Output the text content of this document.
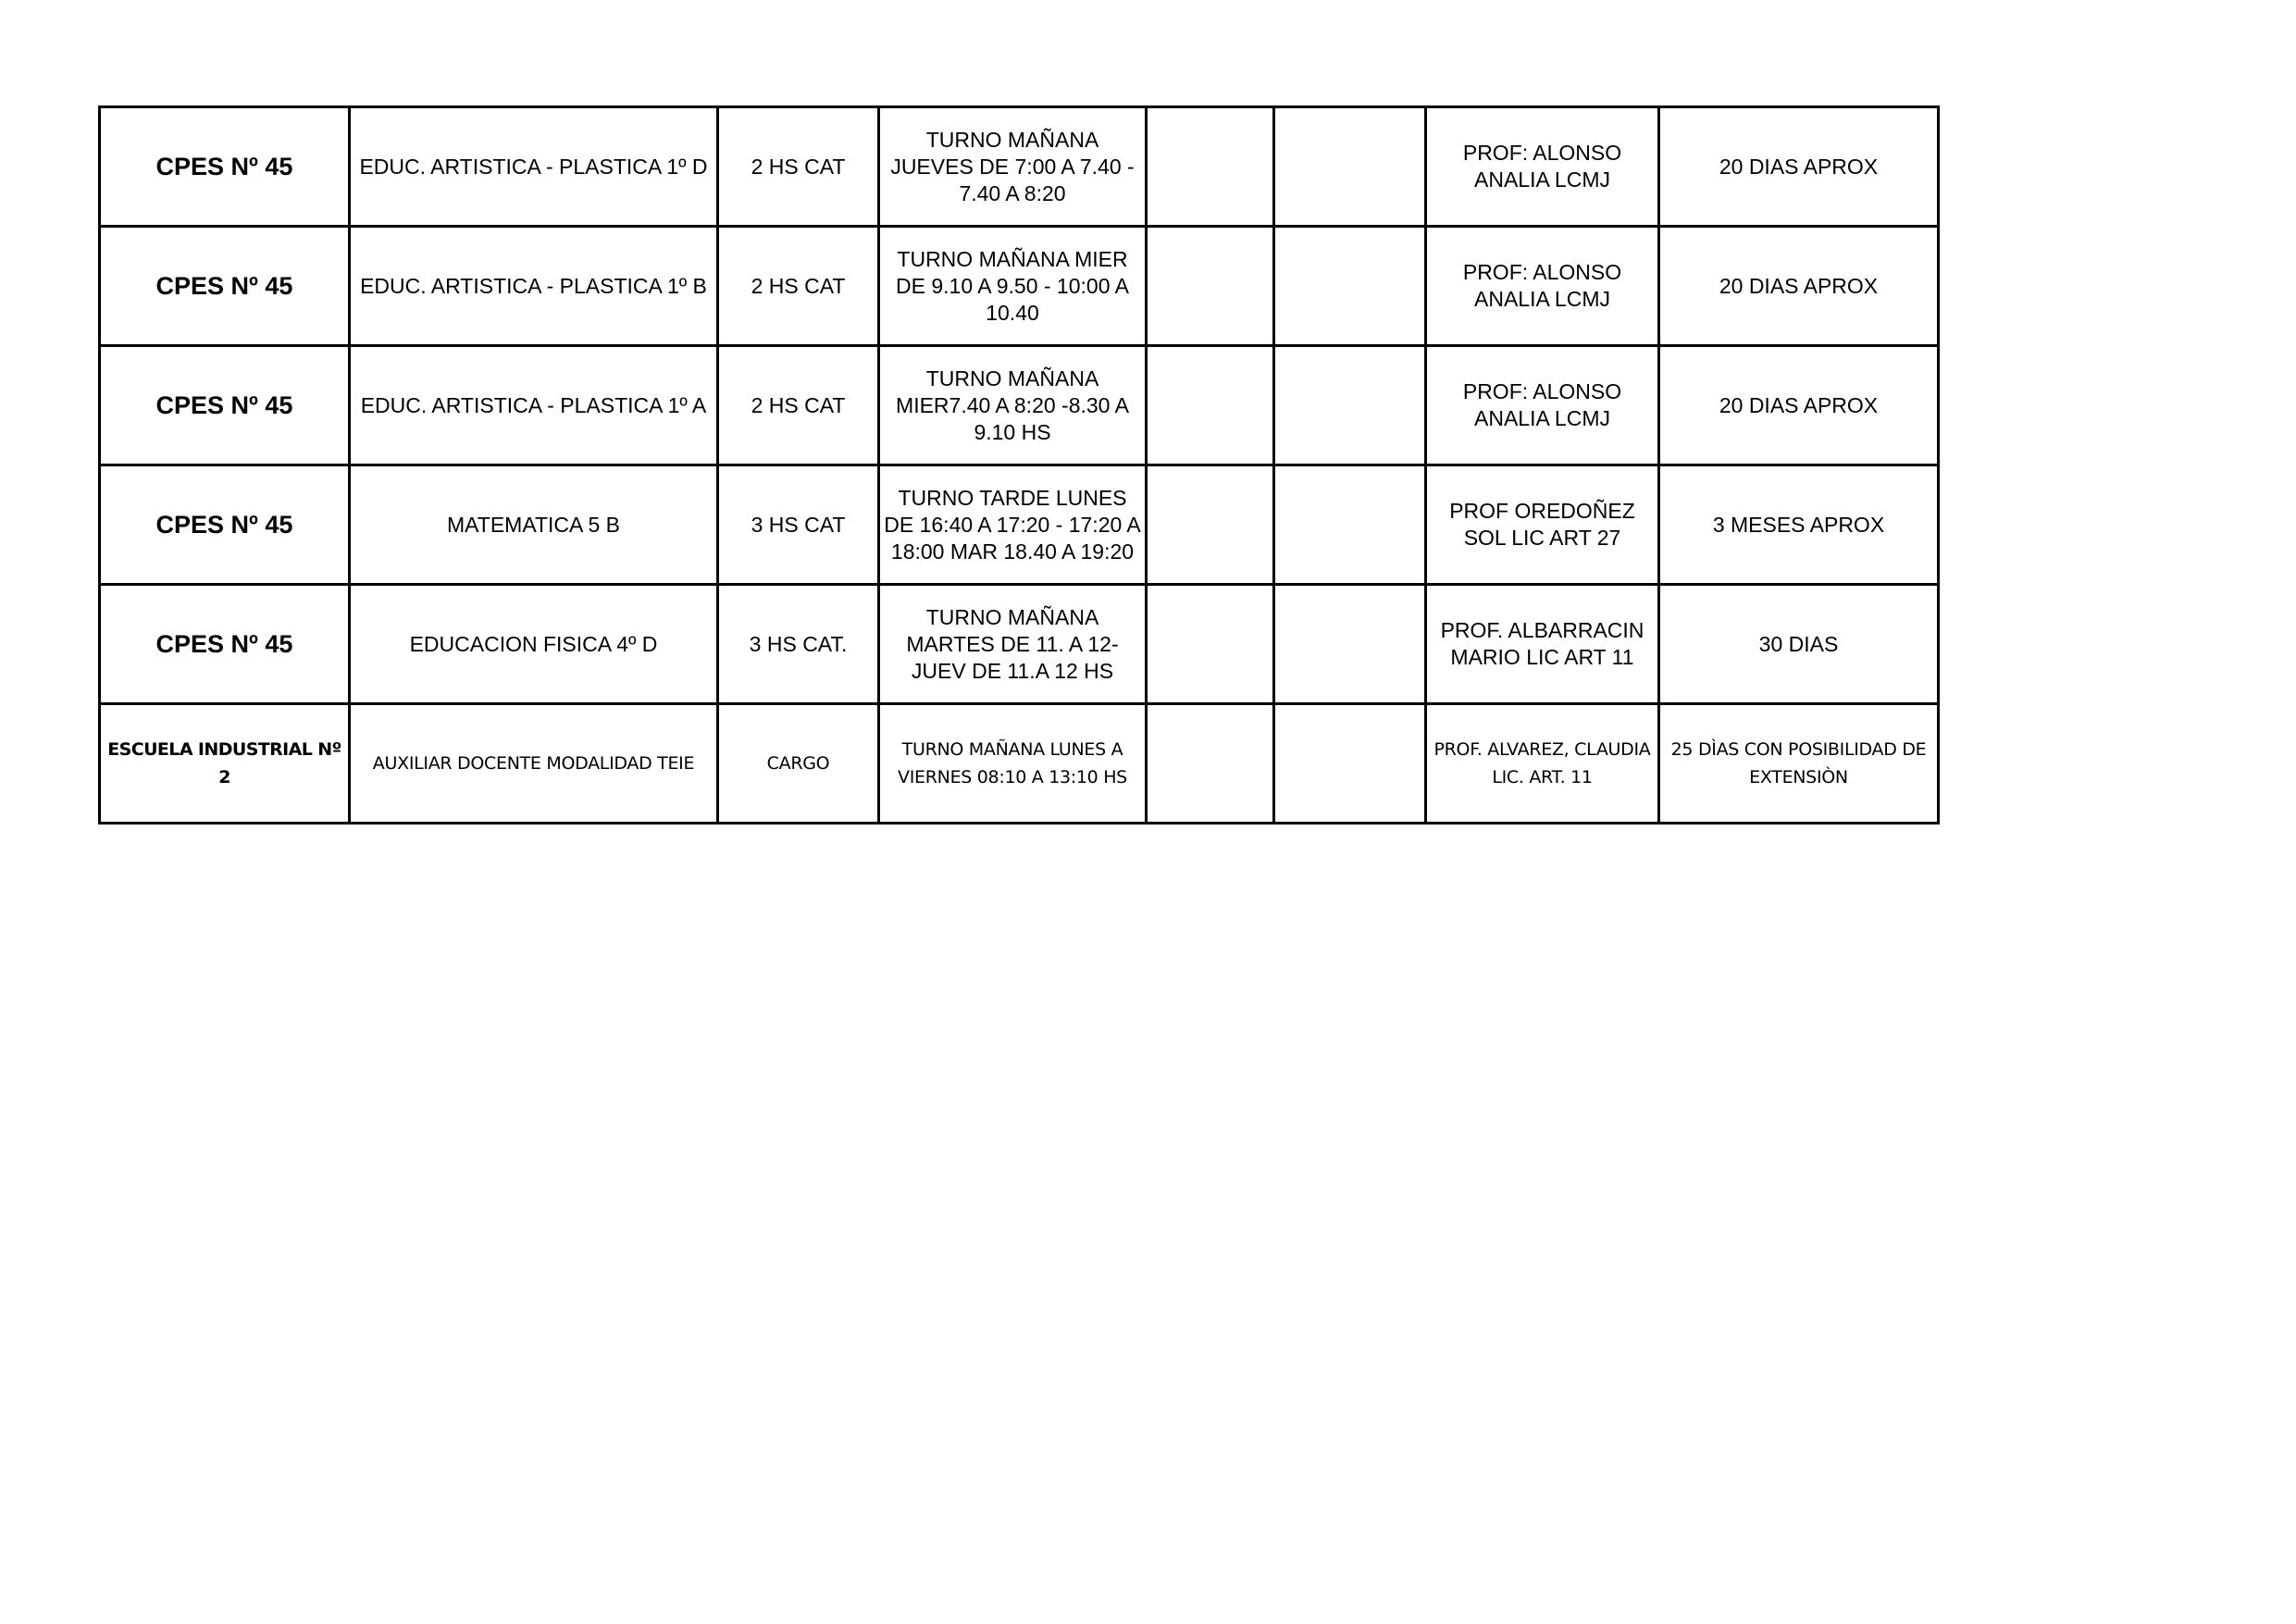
CPES Nº 45	EDUC. ARTISTICA - PLASTICA 1º D	2 HS CAT	TURNO MAÑANA JUEVES DE 7:00 A 7.40 - 7.40 A 8:20			PROF: ALONSO ANALIA LCMJ	20 DIAS APROX
CPES Nº 45	EDUC. ARTISTICA - PLASTICA 1º B	2 HS CAT	TURNO MAÑANA MIER DE 9.10 A 9.50 - 10:00 A 10.40			PROF: ALONSO ANALIA LCMJ	20 DIAS APROX
CPES Nº 45	EDUC. ARTISTICA - PLASTICA 1º A	2 HS CAT	TURNO MAÑANA MIER7.40 A 8:20 -8.30 A 9.10 HS			PROF: ALONSO ANALIA LCMJ	20 DIAS APROX
CPES Nº 45	MATEMATICA 5 B	3 HS CAT	TURNO TARDE LUNES DE 16:40 A 17:20 - 17:20 A 18:00 MAR 18.40 A 19:20			PROF OREDOÑEZ SOL LIC ART 27	3 MESES APROX
CPES Nº 45	EDUCACION FISICA 4º D	3 HS CAT.	TURNO MAÑANA MARTES DE 11. A 12- JUEV DE 11.A 12 HS			PROF. ALBARRACIN MARIO LIC ART 11	30 DIAS
ESCUELA INDUSTRIAL Nº 2	AUXILIAR DOCENTE MODALIDAD TEIE	CARGO	TURNO MAÑANA LUNES A VIERNES 08:10 A 13:10 HS			PROF. ALVAREZ, CLAUDIA LIC. ART. 11	25 DÌAS CON POSIBILIDAD DE EXTENSIÒN
